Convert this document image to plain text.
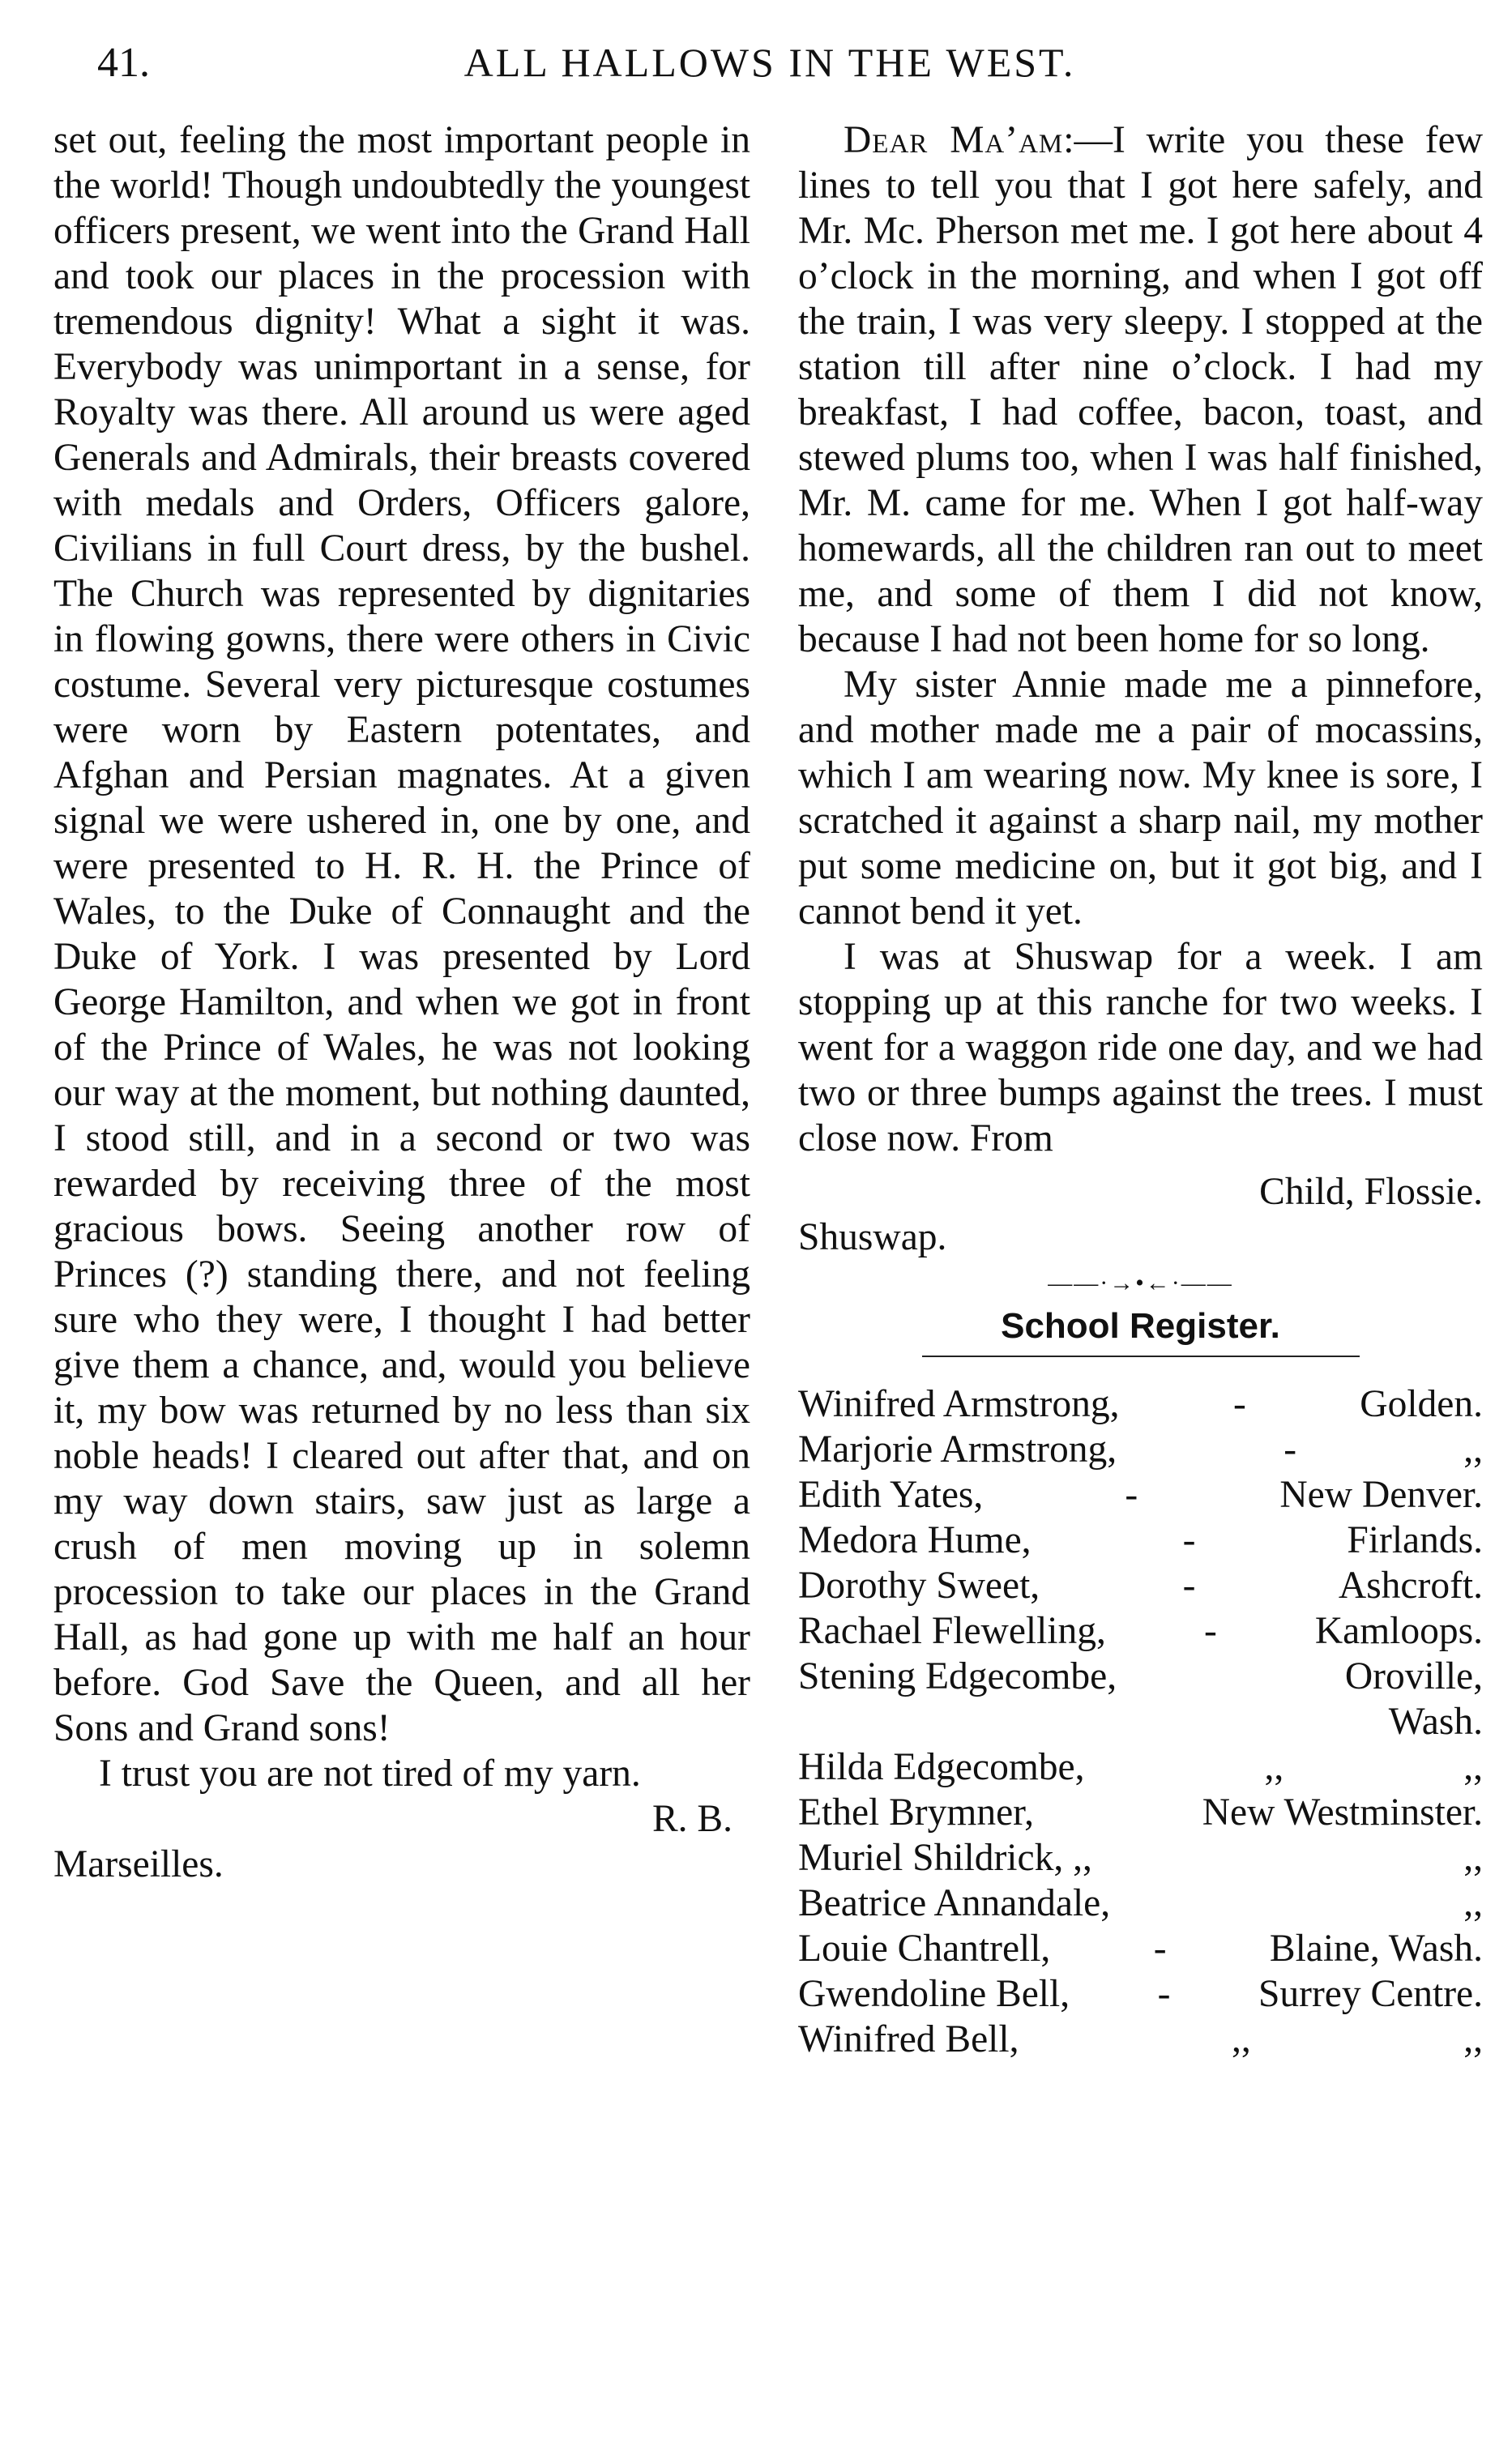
41.	ALL HALLOWS IN THE WEST.

set out, feeling the most important people in the world! Though undoubtedly the youngest officers present, we went into the Grand Hall and took our places in the procession with tremendous dignity! What a sight it was. Everybody was unimportant in a sense, for Royalty was there. All around us were aged Generals and Admirals, their breasts covered with medals and Orders, Officers galore, Civilians in full Court dress, by the bushel. The Church was represented by dignitaries in flowing gowns, there were others in Civic costume. Several very picturesque costumes were worn by Eastern potentates, and Afghan and Persian magnates. At a given signal we were ushered in, one by one, and were presented to H. R. H. the Prince of Wales, to the Duke of Connaught and the Duke of York. I was presented by Lord George Hamilton, and when we got in front of the Prince of Wales, he was not looking our way at the moment, but nothing daunted, I stood still, and in a second or two was rewarded by receiving three of the most gracious bows. Seeing another row of Princes (?) standing there, and not feeling sure who they were, I thought I had better give them a chance, and, would you believe it, my bow was returned by no less than six noble heads! I cleared out after that, and on my way down stairs, saw just as large a crush of men moving up in solemn procession to take our places in the Grand Hall, as had gone up with me half an hour before. God Save the Queen, and all her Sons and Grand sons!

I trust you are not tired of my yarn.

R. B.

Marseilles.

Dear Ma’am:—I write you these few lines to tell you that I got here safely, and Mr. Mc. Pherson met me. I got here about 4 o’clock in the morning, and when I got off the train, I was very sleepy. I stopped at the station till after nine o’clock. I had my breakfast, I had coffee, bacon, toast, and stewed plums too, when I was half finished, Mr. M. came for me. When I got half-way homewards, all the children ran out to meet me, and some of them I did not know, because I had not been home for so long.

My sister Annie made me a pinnefore, and mother made me a pair of mocassins, which I am wearing now. My knee is sore, I scratched it against a sharp nail, my mother put some medicine on, but it got big, and I cannot bend it yet.

I was at Shuswap for a week. I am stopping up at this ranche for two weeks. I went for a waggon ride one day, and we had two or three bumps against the trees. I must close now. From

Child, Flossie.

Shuswap.

——·→•←·——
School Register.
Winifred Armstrong,	-	Golden.
Marjorie Armstrong,	-	,,
Edith Yates,	-	New Denver.
Medora Hume,	-	Firlands.
Dorothy Sweet,	-	Ashcroft.
Rachael Flewelling,	-	Kamloops.
Stening Edgecombe,	Oroville,
Wash.
Hilda Edgecombe,	,,	,,
Ethel Brymner,	New Westminster.
Muriel Shildrick, ,,	,,
Beatrice Annandale,	,,
Louie Chantrell,	-	Blaine, Wash.
Gwendoline Bell, - Surrey Centre.
Winifred Bell,	,,	,,
